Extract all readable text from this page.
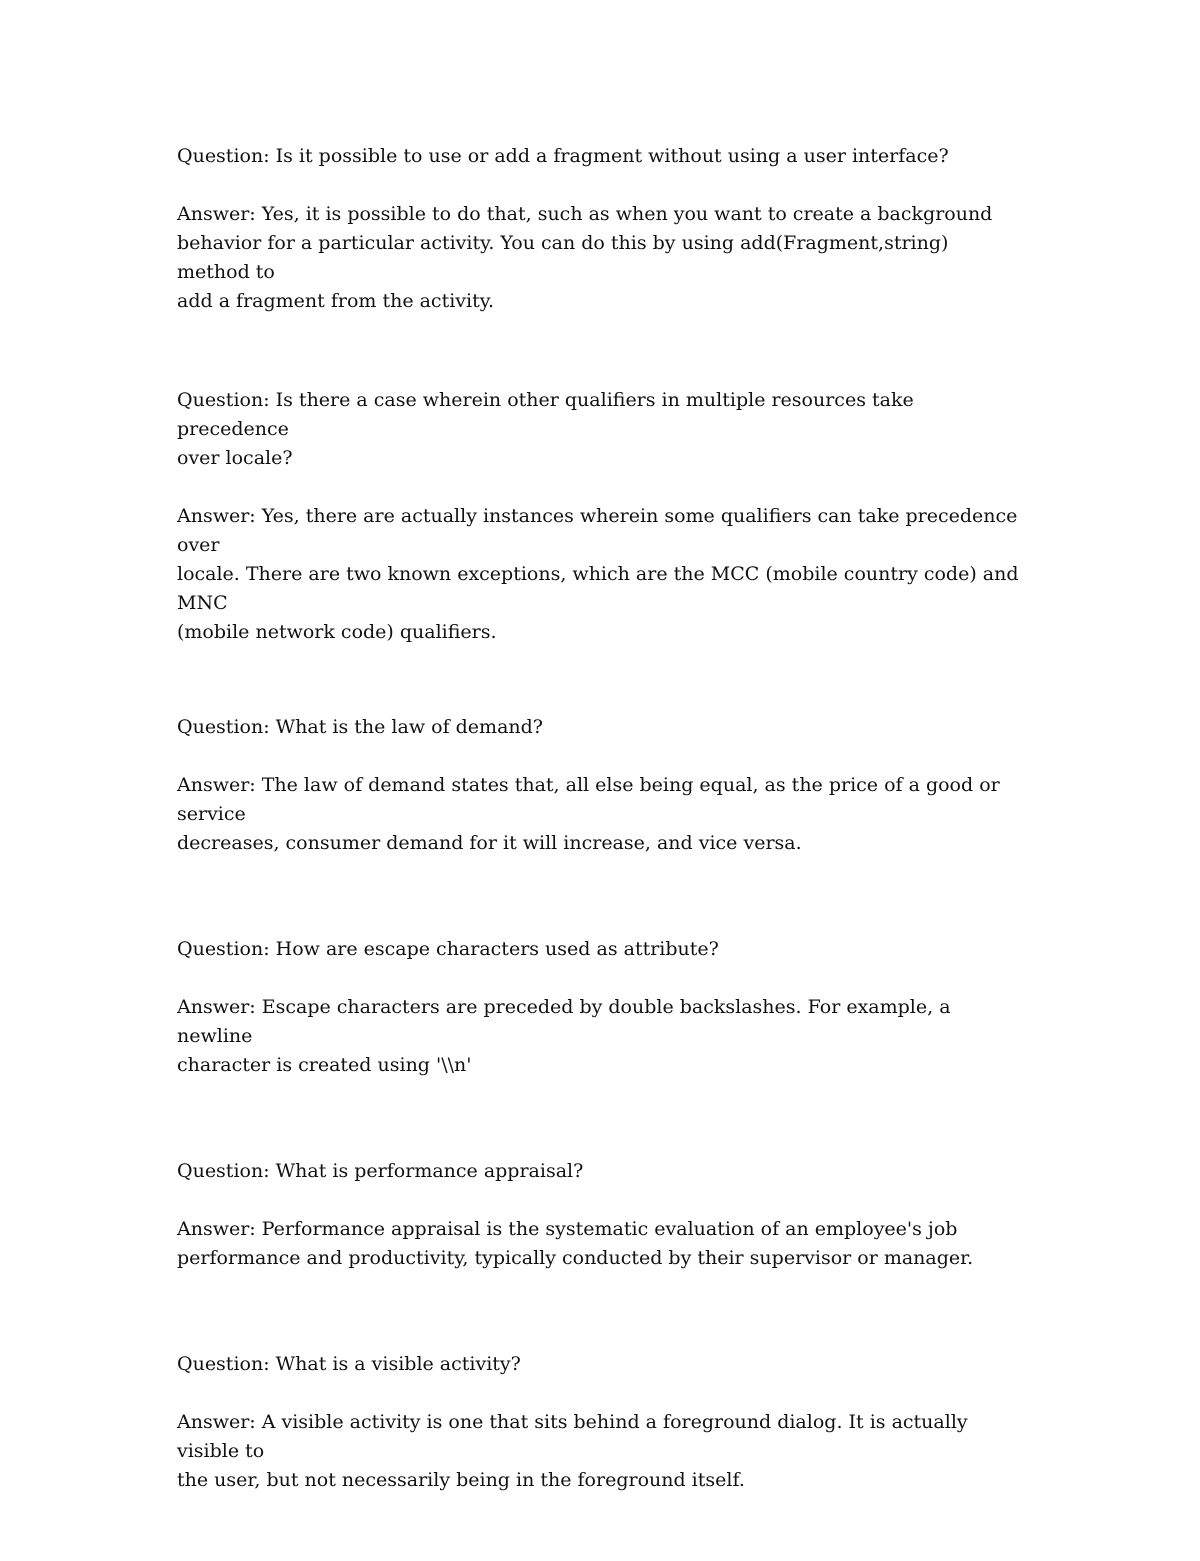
Question: Is it possible to use or add a fragment without using a user interface?

Answer: Yes, it is possible to do that, such as when you want to create a background
behavior for a particular activity. You can do this by using add(Fragment,string) method to
add a fragment from the activity.

Question: Is there a case wherein other qualifiers in multiple resources take precedence
over locale?

Answer: Yes, there are actually instances wherein some qualifiers can take precedence over
locale. There are two known exceptions, which are the MCC (mobile country code) and MNC
(mobile network code) qualifiers.

Question: What is the law of demand?

Answer: The law of demand states that, all else being equal, as the price of a good or service
decreases, consumer demand for it will increase, and vice versa.

Question: How are escape characters used as attribute?

Answer: Escape characters are preceded by double backslashes. For example, a newline
character is created using '\\n'

Question: What is performance appraisal?

Answer: Performance appraisal is the systematic evaluation of an employee's job
performance and productivity, typically conducted by their supervisor or manager.

Question: What is a visible activity?

Answer: A visible activity is one that sits behind a foreground dialog. It is actually visible to
the user, but not necessarily being in the foreground itself.
